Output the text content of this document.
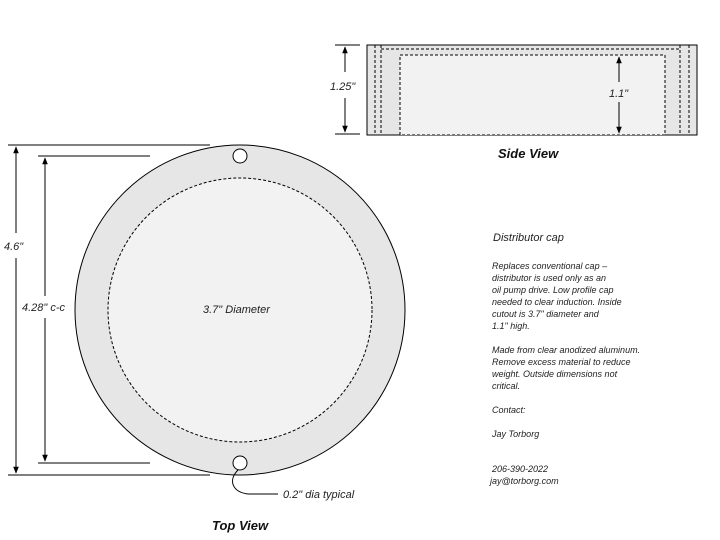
1.25"
1.1"
Side View
4.6"
4.28" c-c	3.7" Diameter
0.2" dia typical
Top View
Distributor cap
Replaces conventional cap –
distributor is used only as an
oil pump drive. Low profile cap
needed to clear induction. Inside
cutout is 3.7" diameter and
1.1" high.
Made from clear anodized aluminum.
Remove excess material to reduce
weight. Outside dimensions not
critical.
Contact:
Jay Torborg
206-390-2022
jay@torborg.com
